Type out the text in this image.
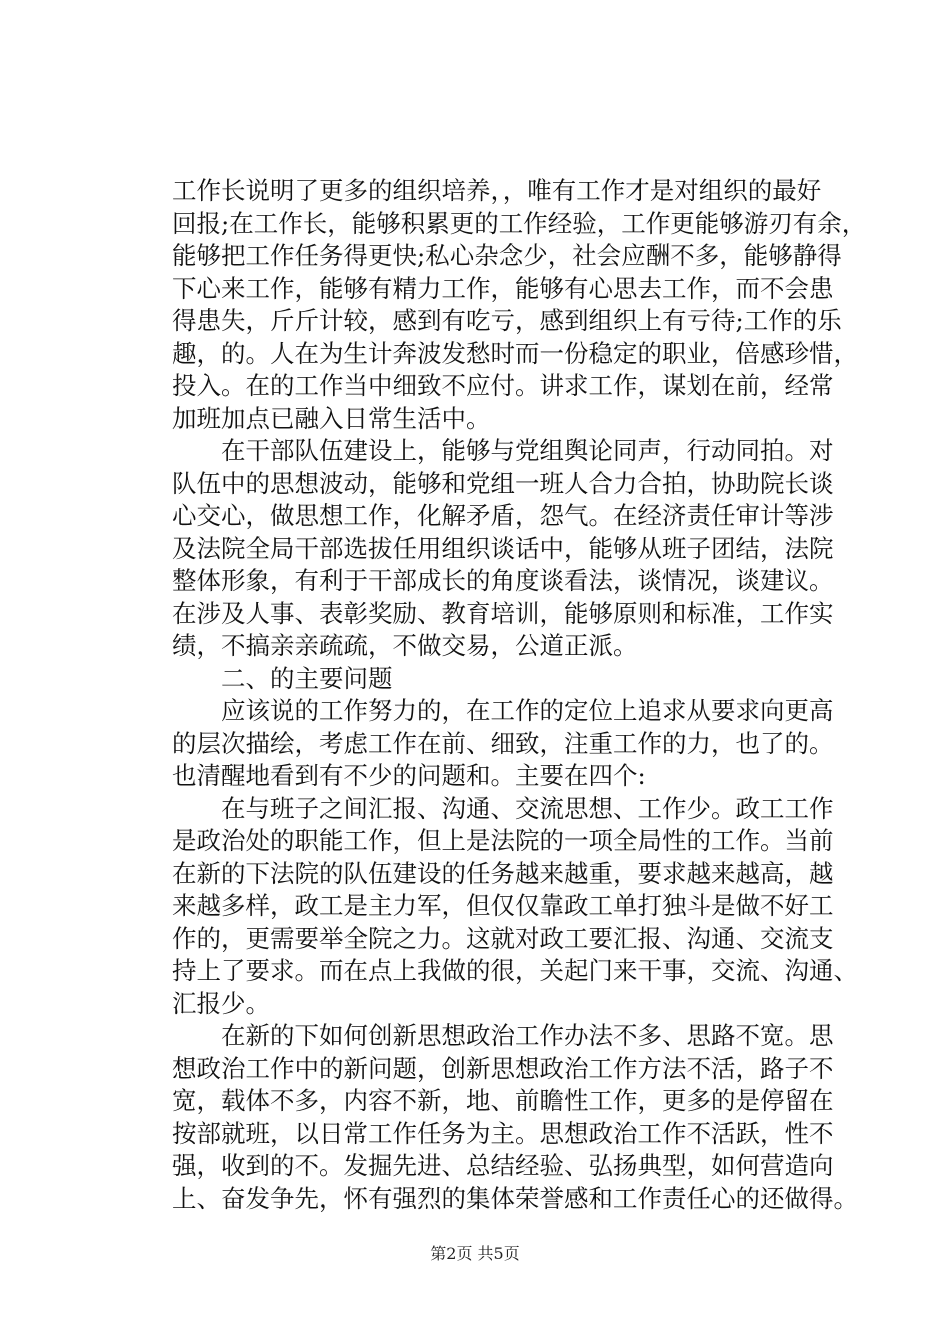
工作长说明了更多的组织培养，，唯有工作才是对组织的最好
回报;在工作长，能够积累更的工作经验，工作更能够游刃有余，
能够把工作任务得更快;私心杂念少，社会应酬不多，能够静得
下心来工作，能够有精力工作，能够有心思去工作，而不会患
得患失，斤斤计较，感到有吃亏，感到组织上有亏待;工作的乐
趣，的。人在为生计奔波发愁时而一份稳定的职业，倍感珍惜，
投入。在的工作当中细致不应付。讲求工作，谋划在前，经常
加班加点已融入日常生活中。
　　在干部队伍建设上，能够与党组舆论同声，行动同拍。对
队伍中的思想波动，能够和党组一班人合力合拍，协助院长谈
心交心，做思想工作，化解矛盾，怨气。在经济责任审计等涉
及法院全局干部选拔任用组织谈话中，能够从班子团结，法院
整体形象，有利于干部成长的角度谈看法，谈情况，谈建议。
在涉及人事、表彰奖励、教育培训，能够原则和标准，工作实
绩，不搞亲亲疏疏，不做交易，公道正派。
　　二、的主要问题
　　应该说的工作努力的，在工作的定位上追求从要求向更高
的层次描绘，考虑工作在前、细致，注重工作的力，也了的。
也清醒地看到有不少的问题和。主要在四个:
　　在与班子之间汇报、沟通、交流思想、工作少。政工工作
是政治处的职能工作，但上是法院的一项全局性的工作。当前
在新的下法院的队伍建设的任务越来越重，要求越来越高，越
来越多样，政工是主力军，但仅仅靠政工单打独斗是做不好工
作的，更需要举全院之力。这就对政工要汇报、沟通、交流支
持上了要求。而在点上我做的很，关起门来干事，交流、沟通、
汇报少。
　　在新的下如何创新思想政治工作办法不多、思路不宽。思
想政治工作中的新问题，创新思想政治工作方法不活，路子不
宽，载体不多，内容不新，地、前瞻性工作，更多的是停留在
按部就班，以日常工作任务为主。思想政治工作不活跃，性不
强，收到的不。发掘先进、总结经验、弘扬典型，如何营造向
上、奋发争先，怀有强烈的集体荣誉感和工作责任心的还做得。
第2页 共5页
